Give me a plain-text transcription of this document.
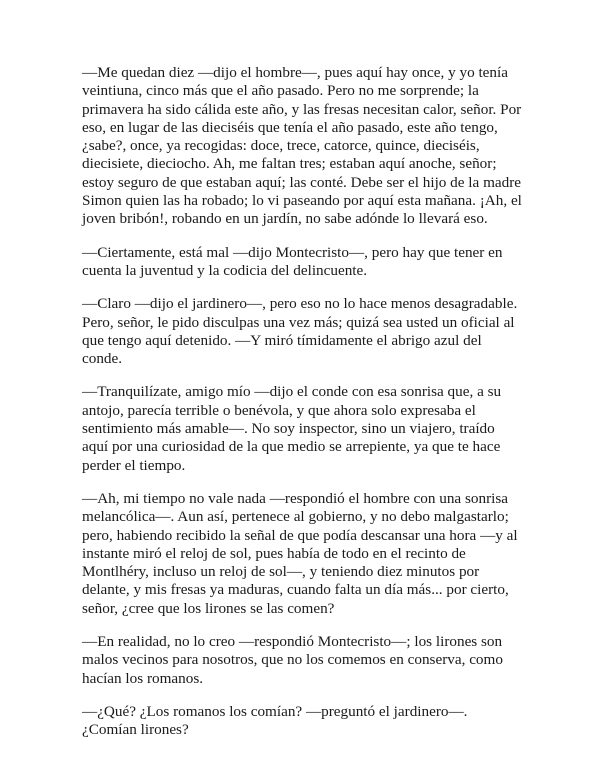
—Me quedan diez —dijo el hombre—, pues aquí hay once, y yo tenía veintiuna, cinco más que el año pasado. Pero no me sorprende; la primavera ha sido cálida este año, y las fresas necesitan calor, señor. Por eso, en lugar de las dieciséis que tenía el año pasado, este año tengo, ¿sabe?, once, ya recogidas: doce, trece, catorce, quince, dieciséis, diecisiete, dieciocho. Ah, me faltan tres; estaban aquí anoche, señor; estoy seguro de que estaban aquí; las conté. Debe ser el hijo de la madre Simon quien las ha robado; lo vi paseando por aquí esta mañana. ¡Ah, el joven bribón!, robando en un jardín, no sabe adónde lo llevará eso.

—Ciertamente, está mal —dijo Montecristo—, pero hay que tener en cuenta la juventud y la codicia del delincuente.

—Claro —dijo el jardinero—, pero eso no lo hace menos desagradable. Pero, señor, le pido disculpas una vez más; quizá sea usted un oficial al que tengo aquí detenido. —Y miró tímidamente el abrigo azul del conde.

—Tranquilízate, amigo mío —dijo el conde con esa sonrisa que, a su antojo, parecía terrible o benévola, y que ahora solo expresaba el sentimiento más amable—. No soy inspector, sino un viajero, traído aquí por una curiosidad de la que medio se arrepiente, ya que te hace perder el tiempo.

—Ah, mi tiempo no vale nada —respondió el hombre con una sonrisa melancólica—. Aun así, pertenece al gobierno, y no debo malgastarlo; pero, habiendo recibido la señal de que podía descansar una hora —y al instante miró el reloj de sol, pues había de todo en el recinto de Montlhéry, incluso un reloj de sol—, y teniendo diez minutos por delante, y mis fresas ya maduras, cuando falta un día más... por cierto, señor, ¿cree que los lirones se las comen?

—En realidad, no lo creo —respondió Montecristo—; los lirones son malos vecinos para nosotros, que no los comemos en conserva, como hacían los romanos.

—¿Qué? ¿Los romanos los comían? —preguntó el jardinero—. ¿Comían lirones?
